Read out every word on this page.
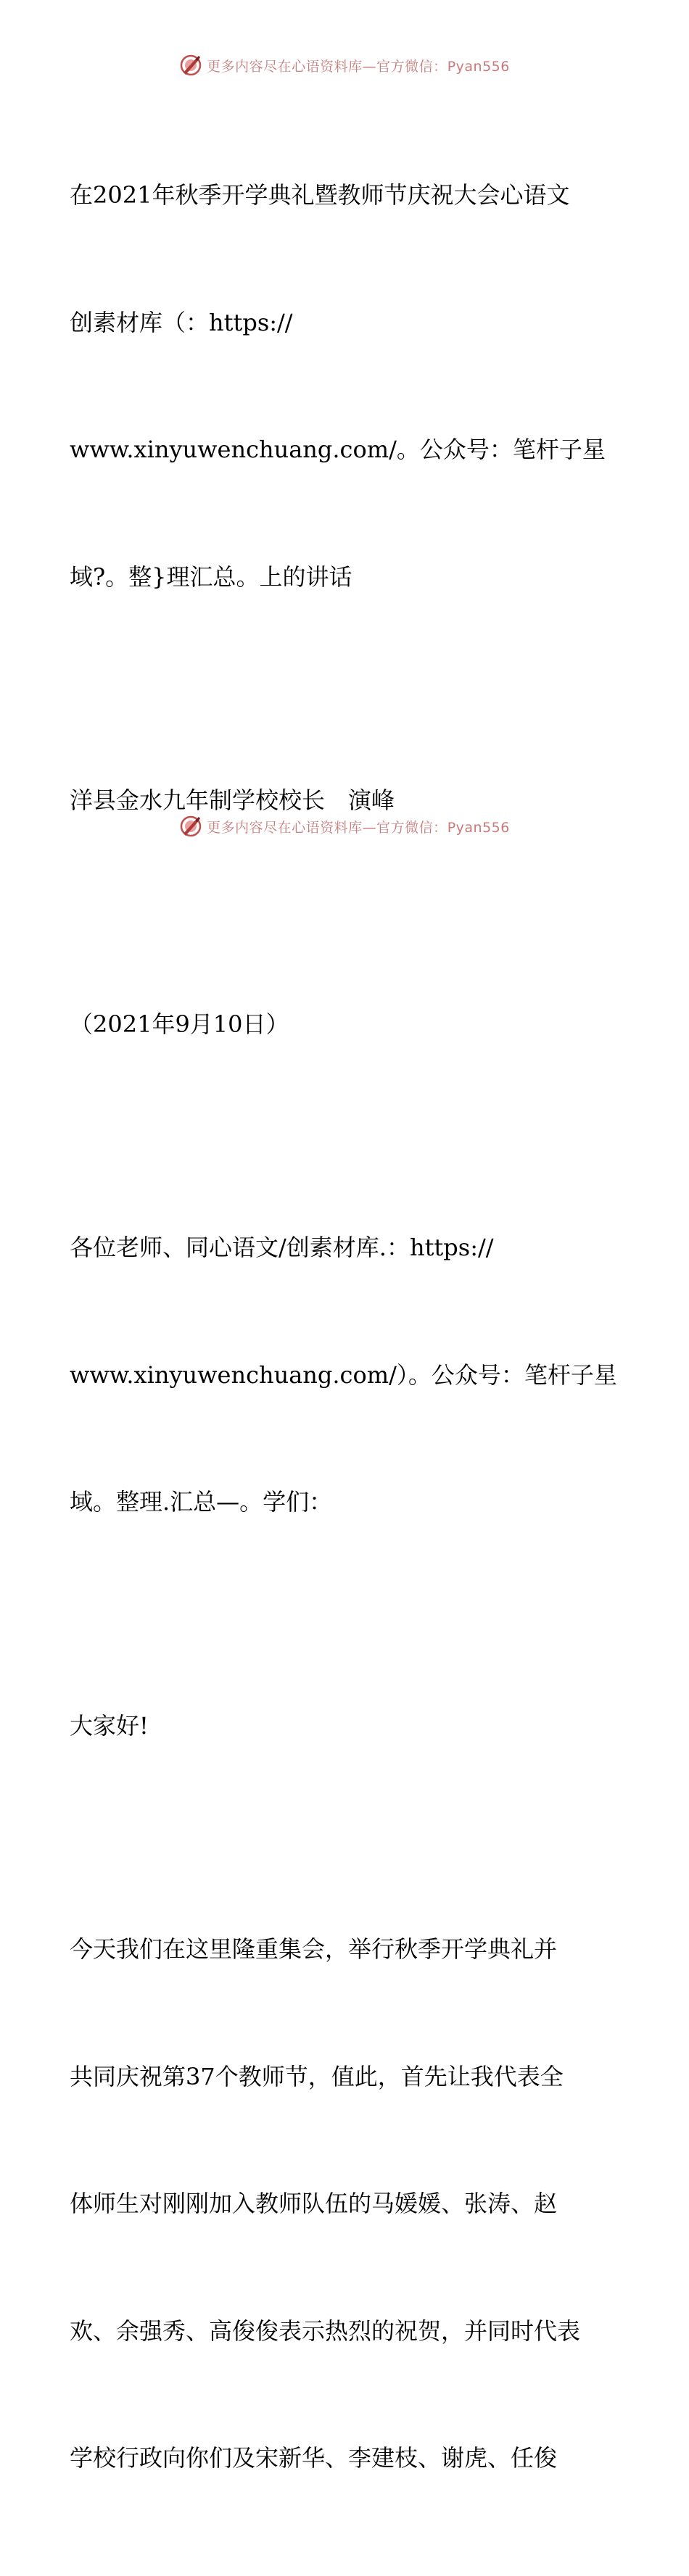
更多内容尽在心语资料库—官方微信：Pyan556

在2021年秋季开学典礼暨教师节庆祝大会心语文

创素材库（：https://

www.xinyuwenchuang.com/。公众号：笔杆子星

域?。整}理汇总。上的讲话

洋县金水九年制学校校长　演峰

（2021年9月10日）

各位老师、同心语文/创素材库.：https://

www.xinyuwenchuang.com/）。公众号：笔杆子星

域。整理.汇总—。学们：

大家好!

今天我们在这里隆重集会，举行秋季开学典礼并

共同庆祝第37个教师节，值此，首先让我代表全

体师生对刚刚加入教师队伍的马媛媛、张涛、赵

欢、余强秀、高俊俊表示热烈的祝贺，并同时代表

学校行政向你们及宋新华、李建枝、谢虎、任俊

更多内容尽在心语资料库—官方微信：Pyan556
